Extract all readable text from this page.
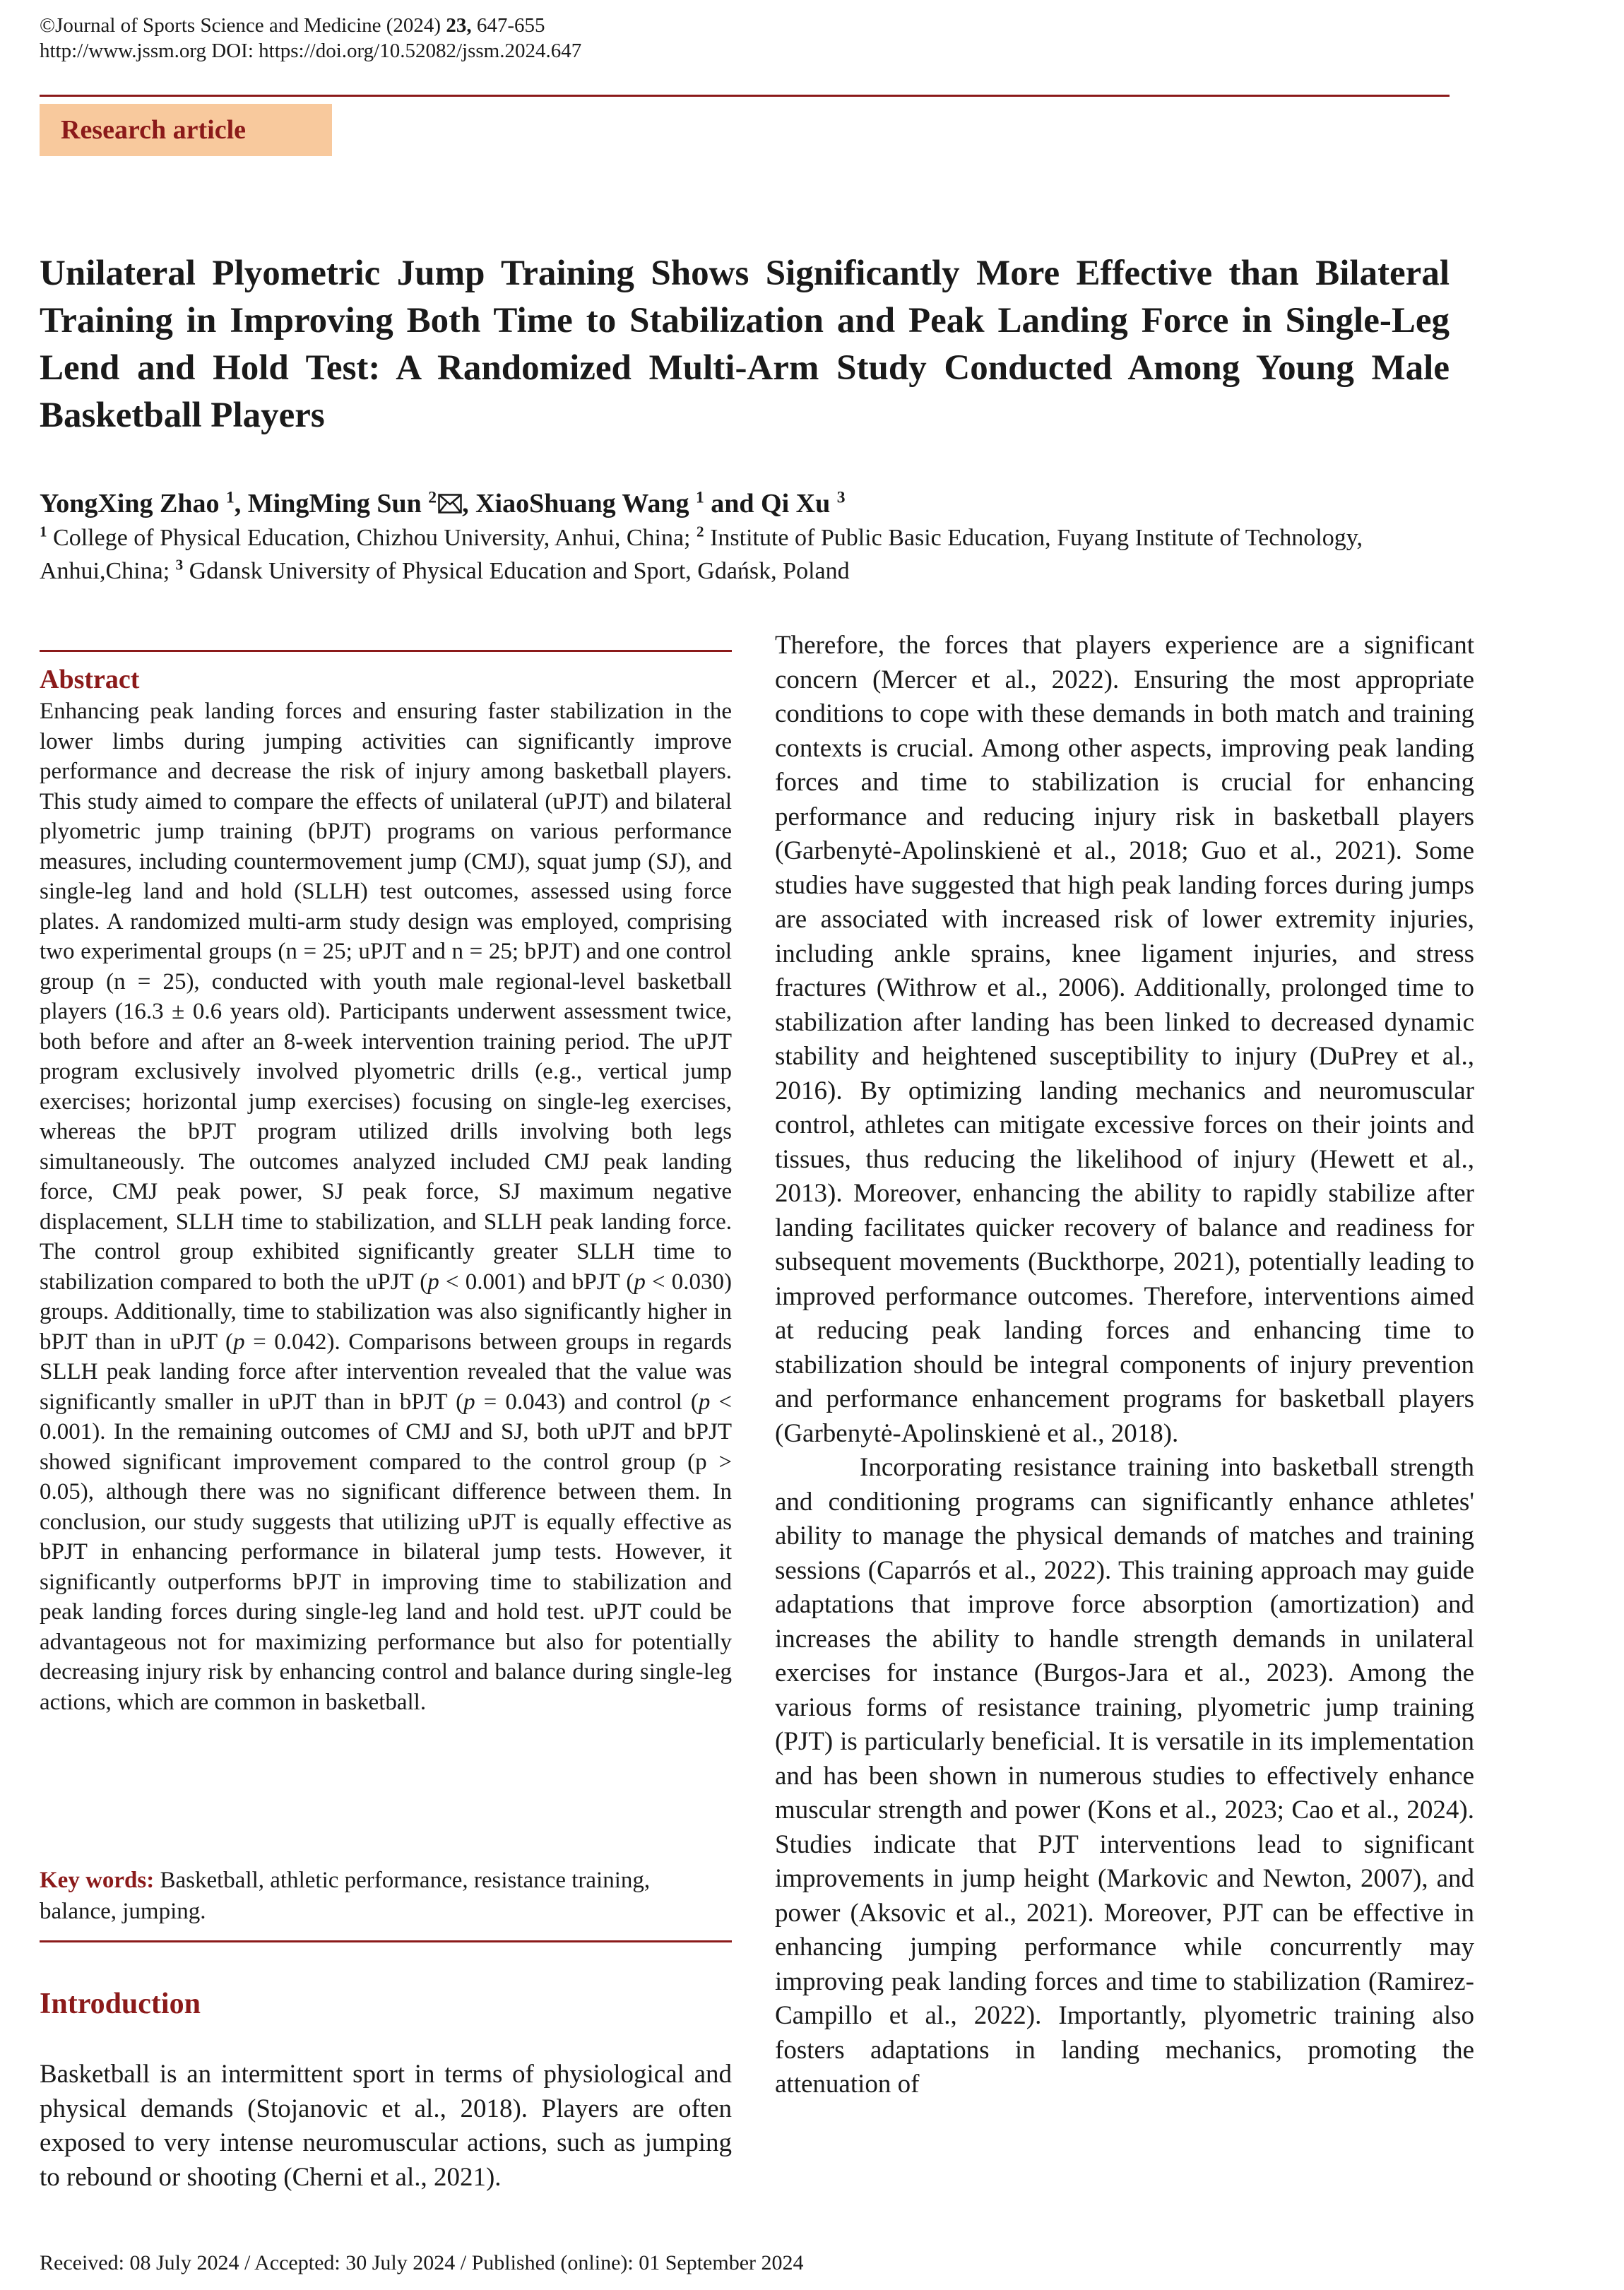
©Journal of Sports Science and Medicine (2024) 23, 647-655
http://www.jssm.org DOI: https://doi.org/10.52082/jssm.2024.647
Research article
Unilateral Plyometric Jump Training Shows Significantly More Effective than Bilateral Training in Improving Both Time to Stabilization and Peak Landing Force in Single-Leg Lend and Hold Test: A Randomized Multi-Arm Study Conducted Among Young Male Basketball Players
YongXing Zhao $^1$, MingMing Sun $^2$ , XiaoShuang Wang $^1$ and Qi Xu $^3$
$^1$ College of Physical Education, Chizhou University, Anhui, China; $^2$ Institute of Public Basic Education, Fuyang Institute of Technology, Anhui,China; $^3$ Gdansk University of Physical Education and Sport, Gdańsk, Poland
Abstract
Enhancing peak landing forces and ensuring faster stabilization in the lower limbs during jumping activities can significantly improve performance and decrease the risk of injury among basketball players. This study aimed to compare the effects of unilateral (uPJT) and bilateral plyometric jump training (bPJT) programs on various performance measures, including countermovement jump (CMJ), squat jump (SJ), and single-leg land and hold (SLLH) test outcomes, assessed using force plates. A randomized multi-arm study design was employed, comprising two experimental groups (n = 25; uPJT and n = 25; bPJT) and one control group (n = 25), conducted with youth male regional-level basketball players (16.3 ± 0.6 years old). Participants underwent assessment twice, both before and after an 8-week intervention training period. The uPJT program exclusively involved plyometric drills (e.g., vertical jump exercises; horizontal jump exercises) focusing on single-leg exercises, whereas the bPJT program utilized drills involving both legs simultaneously. The outcomes analyzed included CMJ peak landing force, CMJ peak power, SJ peak force, SJ maximum negative displacement, SLLH time to stabilization, and SLLH peak landing force. The control group exhibited significantly greater SLLH time to stabilization compared to both the uPJT (p < 0.001) and bPJT (p < 0.030) groups. Additionally, time to stabilization was also significantly higher in bPJT than in uPJT (p = 0.042). Comparisons between groups in regards SLLH peak landing force after intervention revealed that the value was significantly smaller in uPJT than in bPJT (p = 0.043) and control (p < 0.001). In the remaining outcomes of CMJ and SJ, both uPJT and bPJT showed significant improvement compared to the control group (p > 0.05), although there was no significant difference between them. In conclusion, our study suggests that utilizing uPJT is equally effective as bPJT in enhancing performance in bilateral jump tests. However, it significantly outperforms bPJT in improving time to stabilization and peak landing forces during single-leg land and hold test. uPJT could be advantageous not for maximizing performance but also for potentially decreasing injury risk by enhancing control and balance during single-leg actions, which are common in basketball.
Key words: Basketball, athletic performance, resistance training, balance, jumping.
Introduction
Basketball is an intermittent sport in terms of physiological and physical demands (Stojanovic et al., 2018). Players are often exposed to very intense neuromuscular actions, such as jumping to rebound or shooting (Cherni et al., 2021).

Therefore, the forces that players experience are a significant concern (Mercer et al., 2022). Ensuring the most appropriate conditions to cope with these demands in both match and training contexts is crucial. Among other aspects, improving peak landing forces and time to stabilization is crucial for enhancing performance and reducing injury risk in basketball players (Garbenytė-Apolinskienė et al., 2018; Guo et al., 2021). Some studies have suggested that high peak landing forces during jumps are associated with increased risk of lower extremity injuries, including ankle sprains, knee ligament injuries, and stress fractures (Withrow et al., 2006). Additionally, prolonged time to stabilization after landing has been linked to decreased dynamic stability and heightened susceptibility to injury (DuPrey et al., 2016). By optimizing landing mechanics and neuromuscular control, athletes can mitigate excessive forces on their joints and tissues, thus reducing the likelihood of injury (Hewett et al., 2013). Moreover, enhancing the ability to rapidly stabilize after landing facilitates quicker recovery of balance and readiness for subsequent movements (Buckthorpe, 2021), potentially leading to improved performance outcomes. Therefore, interventions aimed at reducing peak landing forces and enhancing time to stabilization should be integral components of injury prevention and performance enhancement programs for basketball players (Garbenytė-Apolinskienė et al., 2018).

Incorporating resistance training into basketball strength and conditioning programs can significantly enhance athletes' ability to manage the physical demands of matches and training sessions (Caparrós et al., 2022). This training approach may guide adaptations that improve force absorption (amortization) and increases the ability to handle strength demands in unilateral exercises for instance (Burgos-Jara et al., 2023). Among the various forms of resistance training, plyometric jump training (PJT) is particularly beneficial. It is versatile in its implementation and has been shown in numerous studies to effectively enhance muscular strength and power (Kons et al., 2023; Cao et al., 2024). Studies indicate that PJT interventions lead to significant improvements in jump height (Markovic and Newton, 2007), and power (Aksovic et al., 2021). Moreover, PJT can be effective in enhancing jumping performance while concurrently may improving peak landing forces and time to stabilization (Ramirez-Campillo et al., 2022). Importantly, plyometric training also fosters adaptations in landing mechanics, promoting the attenuation of

Received: 08 July 2024 / Accepted: 30 July 2024 / Published (online): 01 September 2024
